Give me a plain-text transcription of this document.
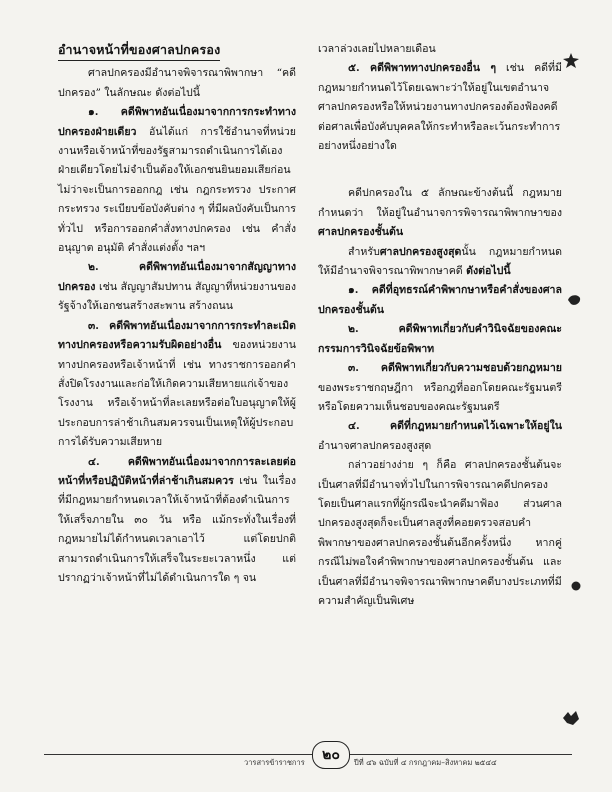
อำนาจหน้าที่ของศาลปกครอง

ศาลปกครองมีอำนาจพิจารณาพิพากษา “คดีปกครอง” ในลักษณะ ดังต่อไปนี้

๑. คดีพิพาทอันเนื่องมาจากการกระทำทางปกครองฝ่ายเดียว อันได้แก่ การใช้อำนาจที่หน่วยงานหรือเจ้าหน้าที่ของรัฐสามารถดำเนินการได้เองฝ่ายเดียวโดยไม่จำเป็นต้องให้เอกชนยินยอมเสียก่อน ไม่ว่าจะเป็นการออกกฎ เช่น กฎกระทรวง ประกาศกระทรวง ระเบียบข้อบังคับต่าง ๆ ที่มีผลบังคับเป็นการทั่วไป หรือการออกคำสั่งทางปกครอง เช่น คำสั่งอนุญาต อนุมัติ คำสั่งแต่งตั้ง ฯลฯ

๒. คดีพิพาทอันเนื่องมาจากสัญญาทางปกครอง เช่น สัญญาสัมปทาน สัญญาที่หน่วยงานของรัฐจ้างให้เอกชนสร้างสะพาน สร้างถนน

๓. คดีพิพาทอันเนื่องมาจากการกระทำละเมิดทางปกครองหรือความรับผิดอย่างอื่น ของหน่วยงานทางปกครองหรือเจ้าหน้าที่ เช่น ทางราชการออกคำสั่งปิดโรงงานและก่อให้เกิดความเสียหายแก่เจ้าของโรงงาน หรือเจ้าหน้าที่ละเลยหรือต่อใบอนุญาตให้ผู้ประกอบการล่าช้าเกินสมควรจนเป็นเหตุให้ผู้ประกอบการได้รับความเสียหาย

๔. คดีพิพาทอันเนื่องมาจากการละเลยต่อหน้าที่หรือปฏิบัติหน้าที่ล่าช้าเกินสมควร เช่น ในเรื่องที่มีกฎหมายกำหนดเวลาให้เจ้าหน้าที่ต้องดำเนินการให้เสร็จภายใน ๓๐ วัน หรือ แม้กระทั่งในเรื่องที่กฎหมายไม่ได้กำหนดเวลาเอาไว้ แต่โดยปกติสามารถดำเนินการให้เสร็จในระยะเวลาหนึ่ง แต่ปรากฏว่าเจ้าหน้าที่ไม่ได้ดำเนินการใด ๆ จน

เวลาล่วงเลยไปหลายเดือน

๕. คดีพิพาททางปกครองอื่น ๆ เช่น คดีที่มีกฎหมายกำหนดไว้โดยเฉพาะว่าให้อยู่ในเขตอำนาจศาลปกครองหรือให้หน่วยงานทางปกครองต้องฟ้องคดีต่อศาลเพื่อบังคับบุคคลให้กระทำหรือละเว้นกระทำการอย่างหนึ่งอย่างใด

คดีปกครองใน ๕ ลักษณะข้างต้นนี้ กฎหมายกำหนดว่า ให้อยู่ในอำนาจการพิจารณาพิพากษาของ ศาลปกครองชั้นต้น

สำหรับศาลปกครองสูงสุดนั้น กฎหมายกำหนดให้มีอำนาจพิจารณาพิพากษาคดี ดังต่อไปนี้

๑. คดีที่อุทธรณ์คำพิพากษาหรือคำสั่งของศาลปกครองชั้นต้น

๒. คดีพิพาทเกี่ยวกับคำวินิจฉัยของคณะกรรมการวินิจฉัยข้อพิพาท

๓. คดีพิพาทเกี่ยวกับความชอบด้วยกฎหมาย ของพระราชกฤษฎีกา หรือกฎที่ออกโดยคณะรัฐมนตรีหรือโดยความเห็นชอบของคณะรัฐมนตรี

๔. คดีที่กฎหมายกำหนดไว้เฉพาะให้อยู่ใน อำนาจศาลปกครองสูงสุด

กล่าวอย่างง่าย ๆ ก็คือ ศาลปกครองชั้นต้นจะเป็นศาลที่มีอำนาจทั่วไปในการพิจารณาคดีปกครองโดยเป็นศาลแรกที่ผู้กรณีจะนำคดีมาฟ้อง ส่วนศาลปกครองสูงสุดก็จะเป็นศาลสูงที่คอยตรวจสอบคำพิพากษาของศาลปกครองชั้นต้นอีกครั้งหนึ่ง หากคู่กรณีไม่พอใจคำพิพากษาของศาลปกครองชั้นต้น และเป็นศาลที่มีอำนาจพิจารณาพิพากษาคดีบางประเภทที่มีความสำคัญเป็นพิเศษ

วารสารข้าราชการ	๒๐	ปีที่ ๔๖ ฉบับที่ ๔ กรกฎาคม–สิงหาคม ๒๕๔๔
